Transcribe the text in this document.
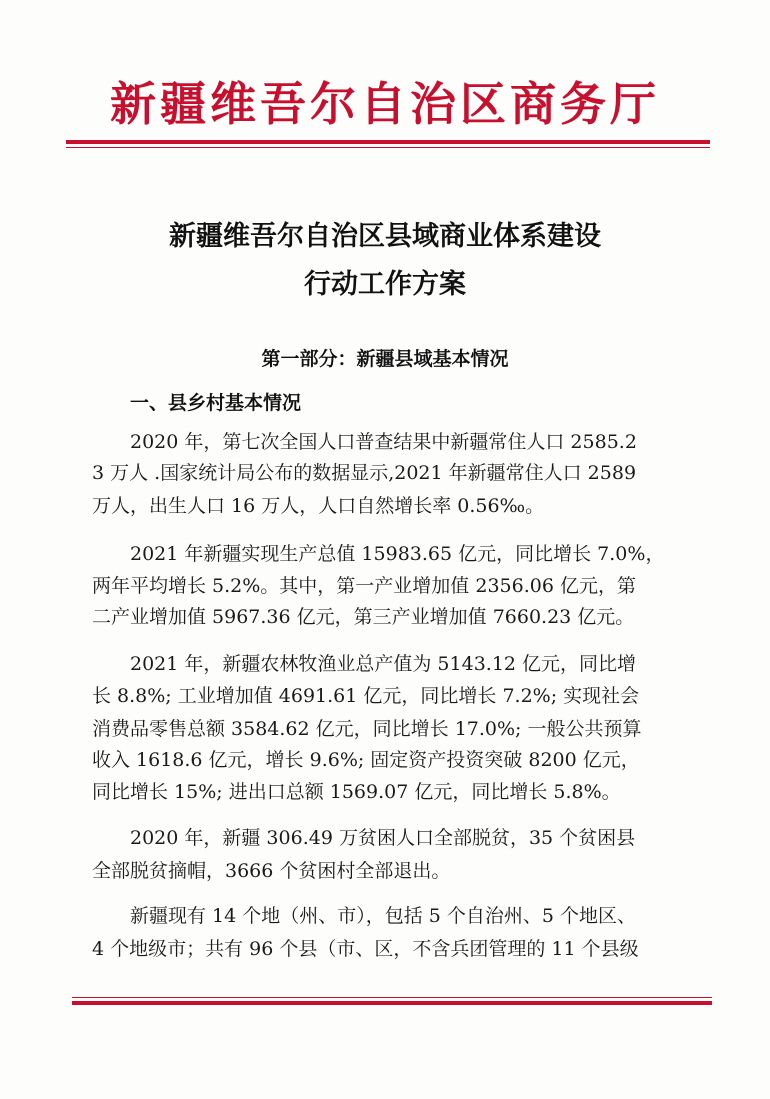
新疆维吾尔自治区商务厅
新疆维吾尔自治区县域商业体系建设
行动工作方案
第一部分：新疆县域基本情况
一、县乡村基本情况
2020 年，第七次全国人口普查结果中新疆常住人口 2585.2
3 万人 .国家统计局公布的数据显示,2021 年新疆常住人口 2589
万人，出生人口 16 万人，人口自然增长率 0.56‰。
2021 年新疆实现生产总值 15983.65 亿元，同比增长 7.0%，
两年平均增长 5.2%。其中，第一产业增加值 2356.06 亿元，第
二产业增加值 5967.36 亿元，第三产业增加值 7660.23 亿元。
2021 年，新疆农林牧渔业总产值为 5143.12 亿元，同比增
长 8.8%; 工业增加值 4691.61 亿元，同比增长 7.2%; 实现社会
消费品零售总额 3584.62 亿元，同比增长 17.0%; 一般公共预算
收入 1618.6 亿元，增长 9.6%; 固定资产投资突破 8200 亿元，
同比增长 15%; 进出口总额 1569.07 亿元，同比增长 5.8%。
2020 年，新疆 306.49 万贫困人口全部脱贫，35 个贫困县
全部脱贫摘帽，3666 个贫困村全部退出。
新疆现有 14 个地（州、市），包括 5 个自治州、5 个地区、
4 个地级市；共有 96 个县（市、区，不含兵团管理的 11 个县级
